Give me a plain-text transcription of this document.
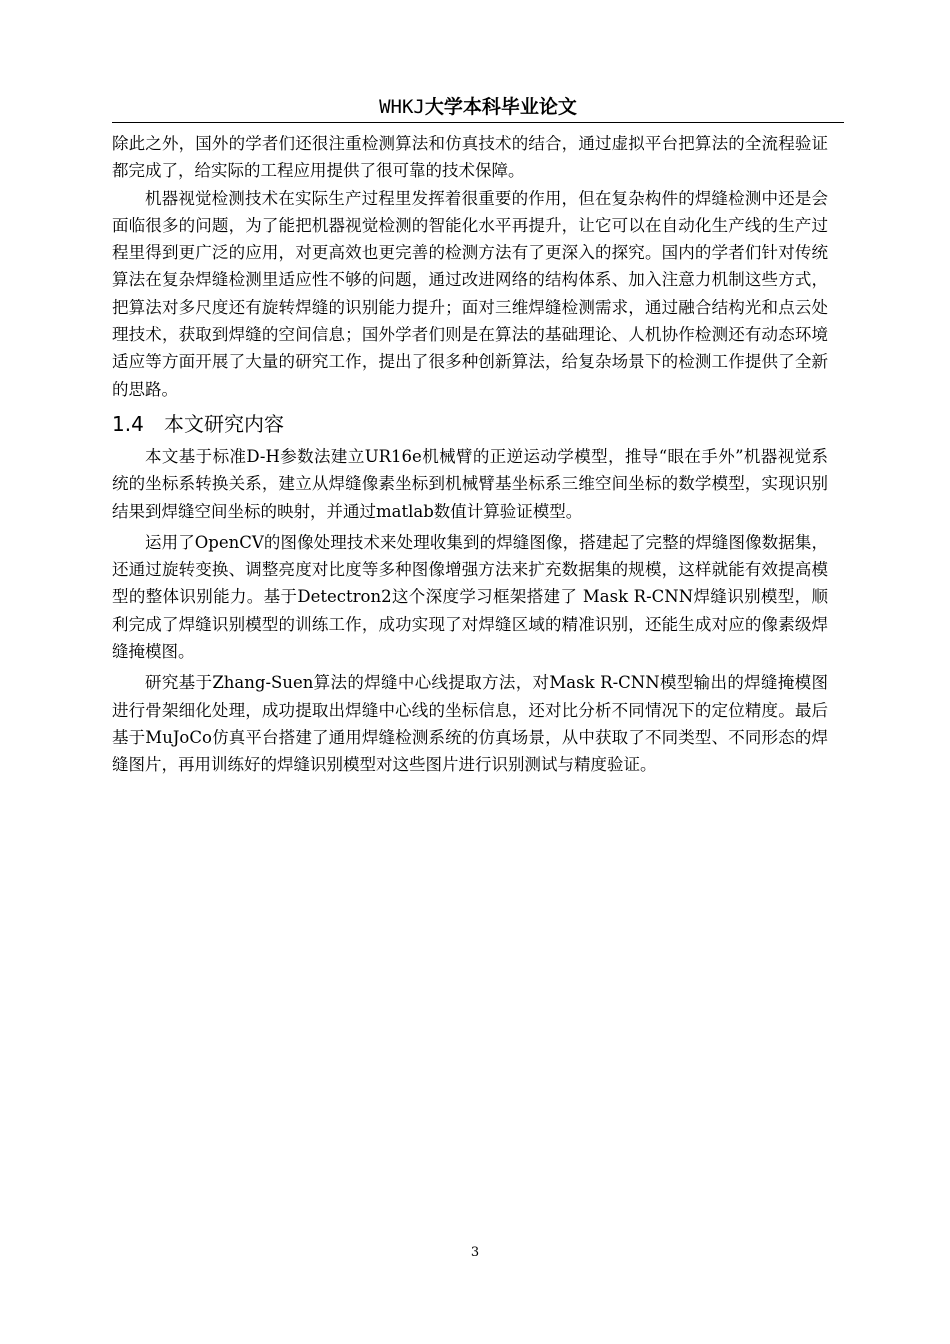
WHKJ大学本科毕业论文

除此之外，国外的学者们还很注重检测算法和仿真技术的结合，通过虚拟平台把算法的全流程验证都完成了，给实际的工程应用提供了很可靠的技术保障。

机器视觉检测技术在实际生产过程里发挥着很重要的作用，但在复杂构件的焊缝检测中还是会面临很多的问题，为了能把机器视觉检测的智能化水平再提升，让它可以在自动化生产线的生产过程里得到更广泛的应用，对更高效也更完善的检测方法有了更深入的探究。国内的学者们针对传统算法在复杂焊缝检测里适应性不够的问题，通过改进网络的结构体系、加入注意力机制这些方式，把算法对多尺度还有旋转焊缝的识别能力提升；面对三维焊缝检测需求，通过融合结构光和点云处理技术，获取到焊缝的空间信息；国外学者们则是在算法的基础理论、人机协作检测还有动态环境适应等方面开展了大量的研究工作，提出了很多种创新算法，给复杂场景下的检测工作提供了全新的思路。

1.4 本文研究内容

本文基于标准D-H参数法建立UR16e机械臂的正逆运动学模型，推导“眼在手外”机器视觉系统的坐标系转换关系，建立从焊缝像素坐标到机械臂基坐标系三维空间坐标的数学模型，实现识别结果到焊缝空间坐标的映射，并通过matlab数值计算验证模型。

运用了OpenCV的图像处理技术来处理收集到的焊缝图像，搭建起了完整的焊缝图像数据集，还通过旋转变换、调整亮度对比度等多种图像增强方法来扩充数据集的规模，这样就能有效提高模型的整体识别能力。基于Detectron2这个深度学习框架搭建了 Mask R-CNN焊缝识别模型，顺利完成了焊缝识别模型的训练工作，成功实现了对焊缝区域的精准识别，还能生成对应的像素级焊缝掩模图。

研究基于Zhang-Suen算法的焊缝中心线提取方法，对Mask R-CNN模型输出的焊缝掩模图进行骨架细化处理，成功提取出焊缝中心线的坐标信息，还对比分析不同情况下的定位精度。最后基于MuJoCo仿真平台搭建了通用焊缝检测系统的仿真场景，从中获取了不同类型、不同形态的焊缝图片，再用训练好的焊缝识别模型对这些图片进行识别测试与精度验证。

3
